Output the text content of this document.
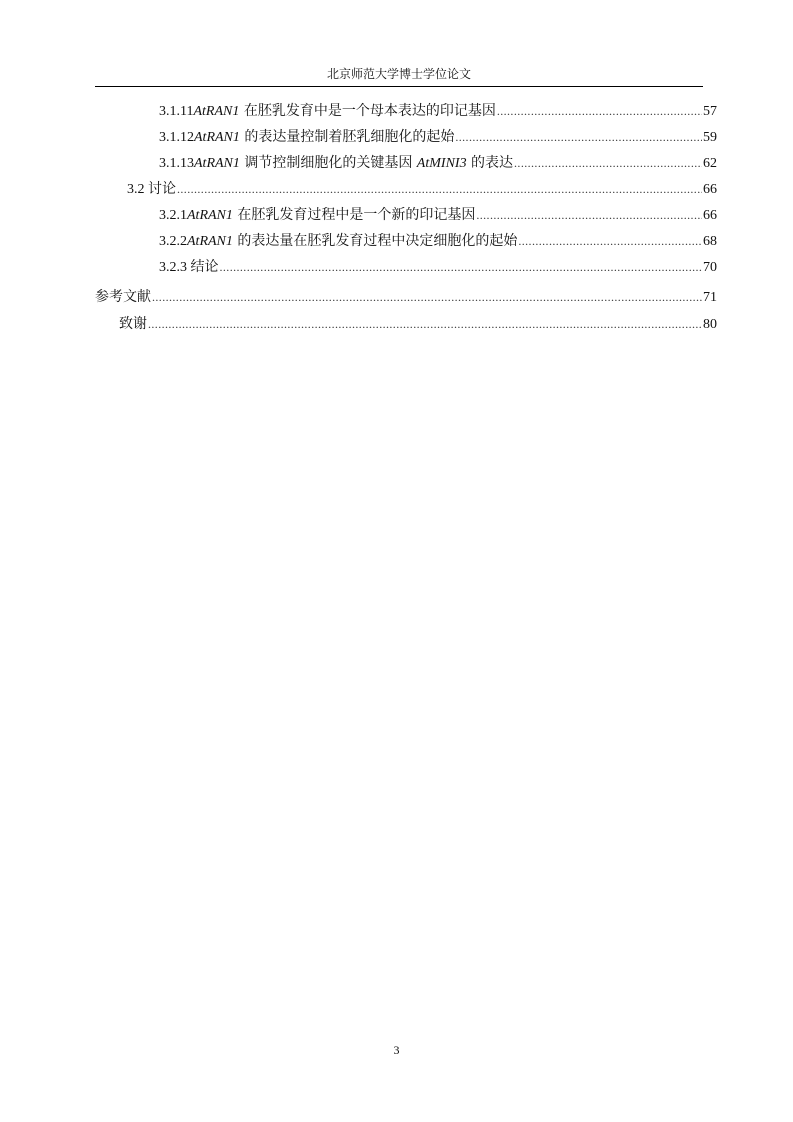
北京师范大学博士学位论文
3.1.11AtRAN1 在胚乳发育中是一个母本表达的印记基因 .....	57
3.1.12AtRAN1 的表达量控制着胚乳细胞化的起始 .....	59
3.1.13AtRAN1 调节控制细胞化的关键基因 AtMINI3 的表达 .....	62
3.2 讨论 .....	66
3.2.1AtRAN1 在胚乳发育过程中是一个新的印记基因 .....	66
3.2.2AtRAN1 的表达量在胚乳发育过程中决定细胞化的起始 .....	68
3.2.3 结论 .....	70
参考文献 .....	71
致谢 .....	80
3
